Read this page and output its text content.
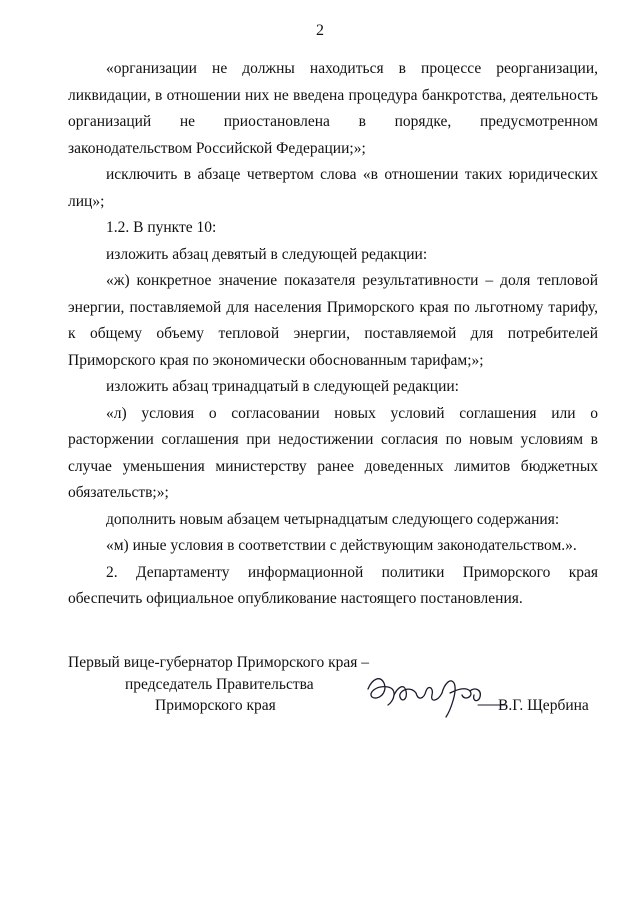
2

«организации не должны находиться в процессе реорганизации, ликвидации, в отношении них не введена процедура банкротства, деятельность организаций не приостановлена в порядке, предусмотренном законодательством Российской Федерации;»;

исключить в абзаце четвертом слова «в отношении таких юридических лиц»;

1.2. В пункте 10:

изложить абзац девятый в следующей редакции:

«ж) конкретное значение показателя результативности – доля тепловой энергии, поставляемой для населения Приморского края по льготному тарифу, к общему объему тепловой энергии, поставляемой для потребителей Приморского края по экономически обоснованным тарифам;»;

изложить абзац тринадцатый в следующей редакции:

«л) условия о согласовании новых условий соглашения или о расторжении соглашения при недостижении согласия по новым условиям в случае уменьшения министерству ранее доведенных лимитов бюджетных обязательств;»;

дополнить новым абзацем четырнадцатым следующего содержания:

«м) иные условия в соответствии с действующим законодательством.».

2. Департаменту информационной политики Приморского края обеспечить официальное опубликование настоящего постановления.

Первый вице-губернатор Приморского края –
председатель Правительства
Приморского края	В.Г. Щербина
